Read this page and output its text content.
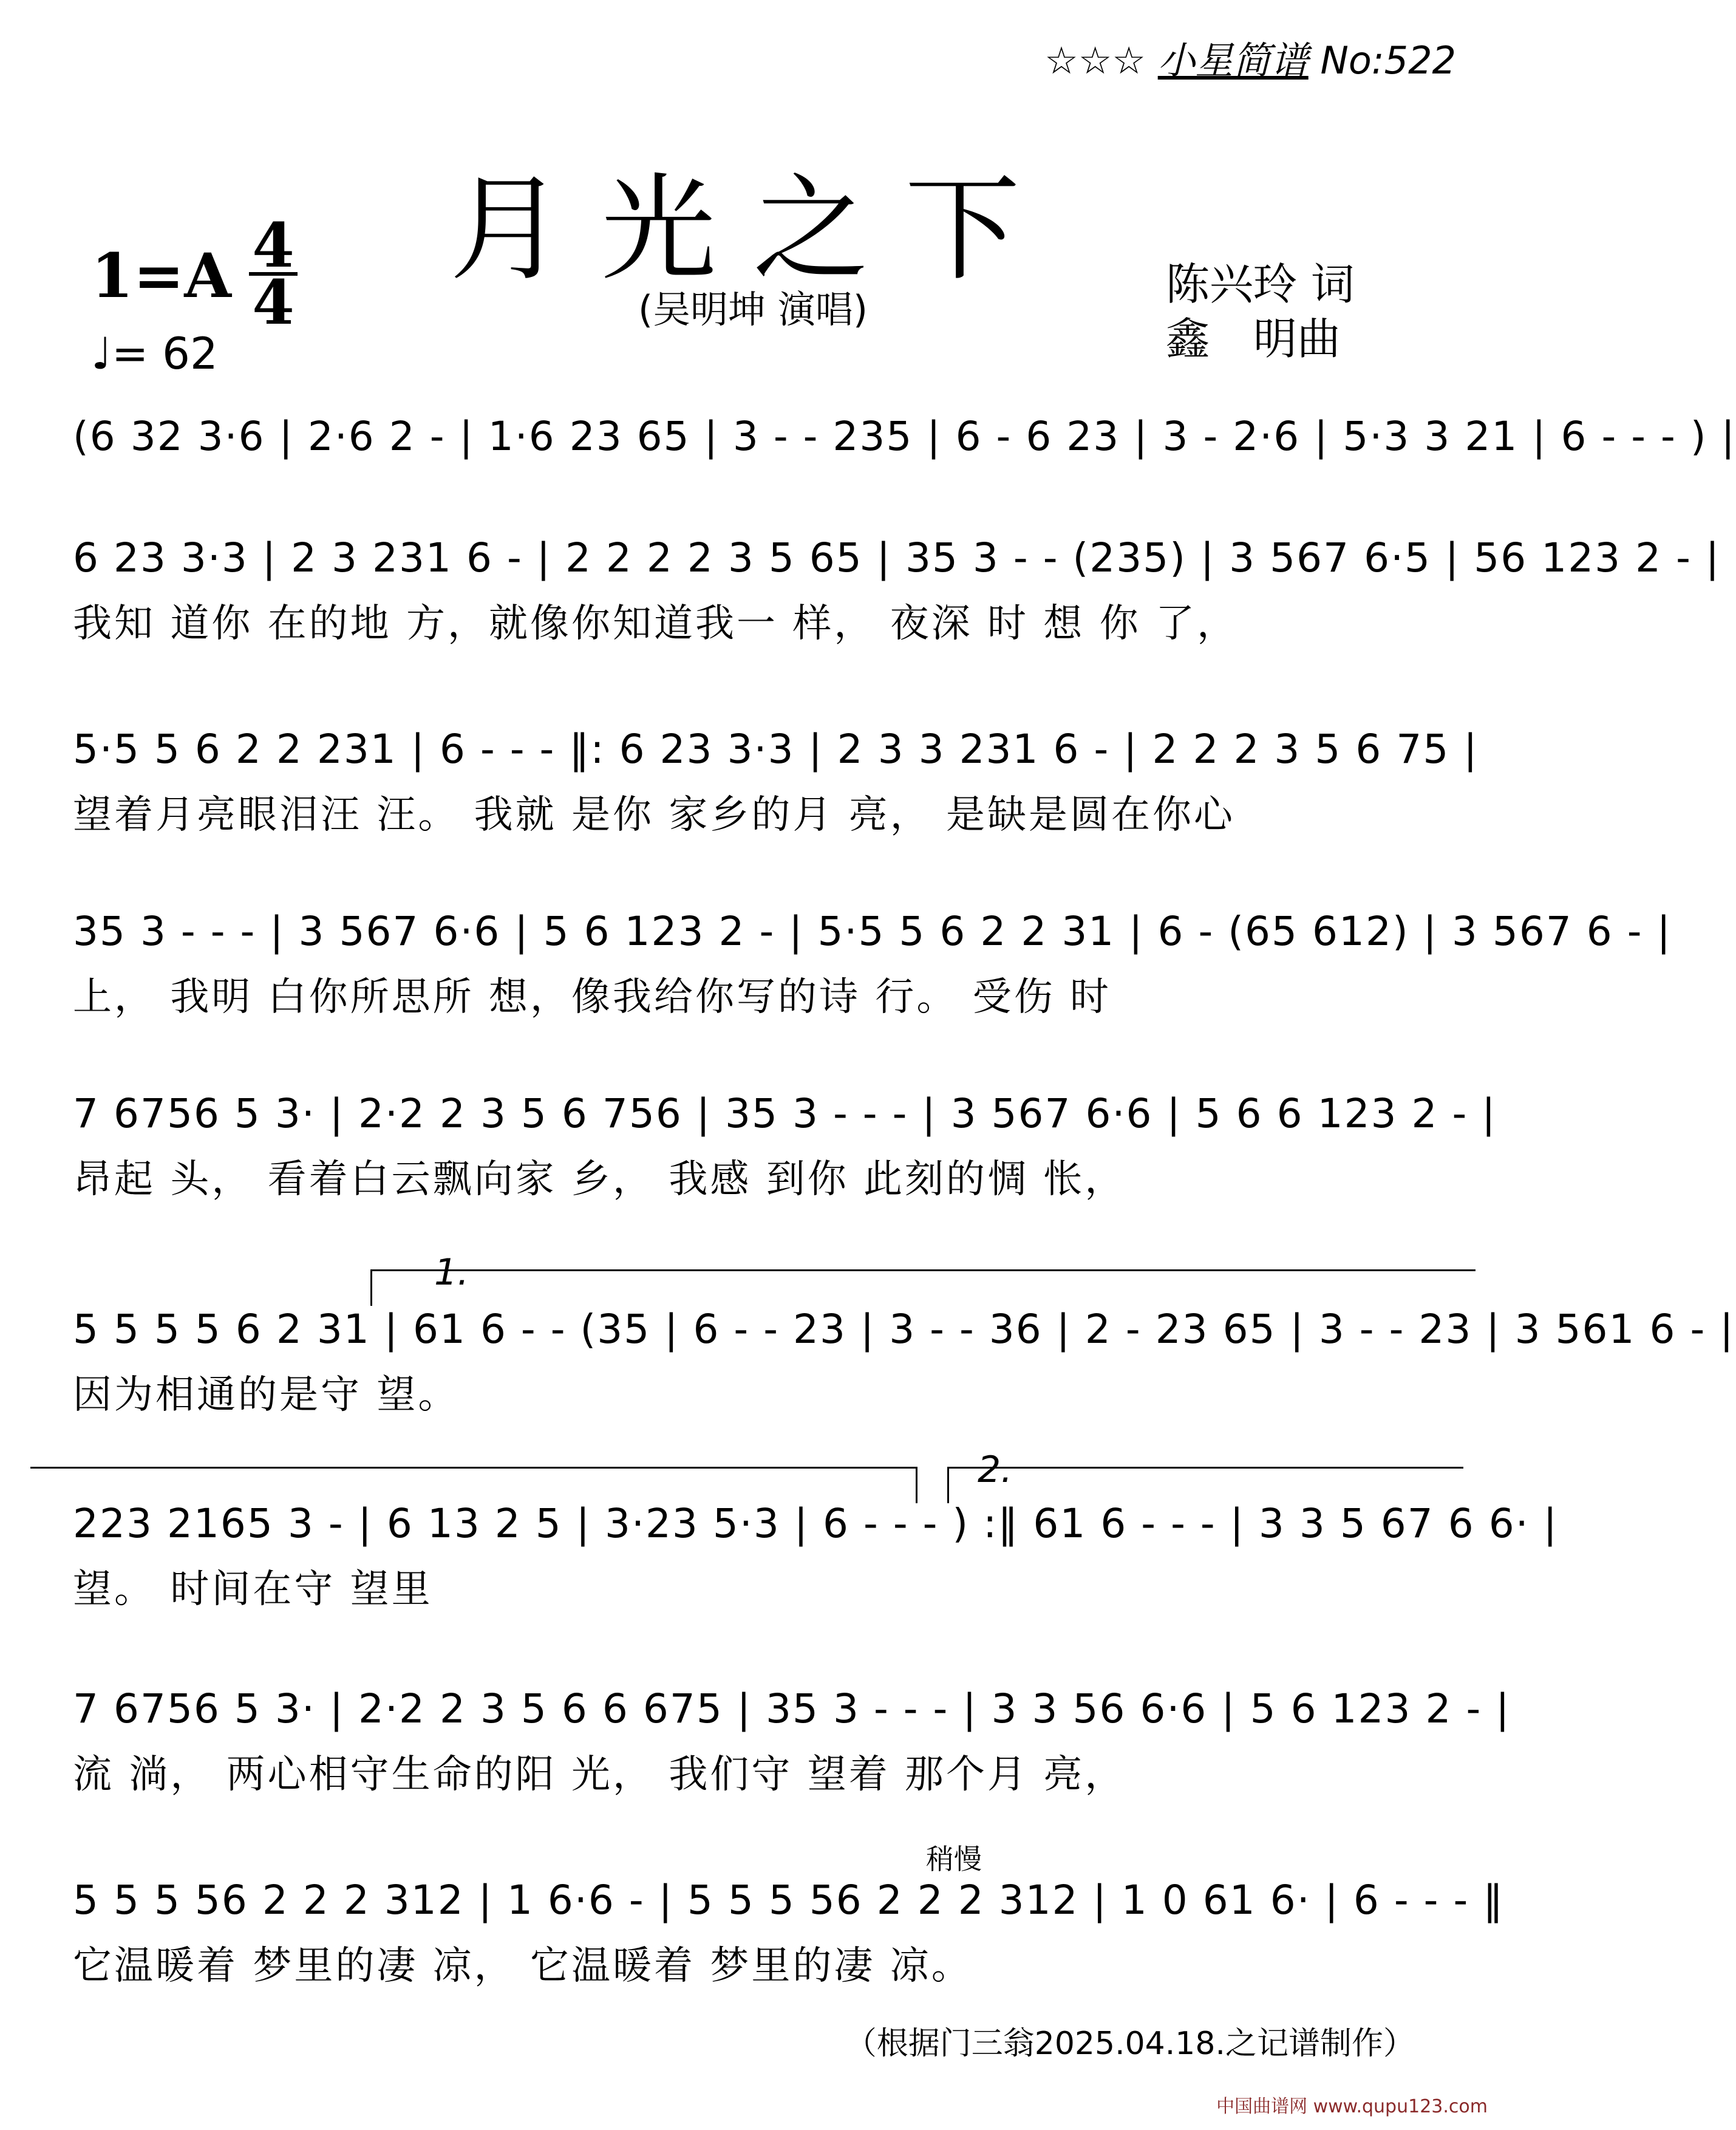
☆☆☆ 小星简谱 No:522
月光之下
(吴明坤 演唱)
1=A 4
4
♩= 62
陈兴玲 词
鑫　明曲
(6 32 3·6 | 2·6 2 - | 1·6 23 65 | 3 - - 235 | 6 - 6 23 | 3 - 2·6 | 5·3 3 21 | 6 - - - ) |
6 23 3·3 | 2 3 231 6 - | 2 2 2 2 3 5 65 | 35 3 - - (235) | 3 567 6·5 | 56 123 2 - |
我知 道你 在的地 方，就像你知道我一 样， 夜深 时 想 你 了，
5·5 5 6 2 2 231 | 6 - - - ‖: 6 23 3·3 | 2 3 3 231 6 - | 2 2 2 3 5 6 75 |
望着月亮眼泪汪 汪。 我就 是你 家乡的月 亮， 是缺是圆在你心
35 3 - - - | 3 567 6·6 | 5 6 123 2 - | 5·5 5 6 2 2 31 | 6 - (65 612) | 3 567 6 - |
上， 我明 白你所思所 想，像我给你写的诗 行。 受伤 时
7 6756 5 3· | 2·2 2 3 5 6 756 | 35 3 - - - | 3 567 6·6 | 5 6 6 123 2 - |
昂起 头， 看着白云飘向家 乡， 我感 到你 此刻的惆 怅，
1.
5 5 5 5 6 2 31 | 61 6 - - (35 | 6 - - 23 | 3 - - 36 | 2 - 23 65 | 3 - - 23 | 3 561 6 - |
因为相通的是守 望。
2.
223 2165 3 - | 6 13 2 5 | 3·23 5·3 | 6 - - - ) :‖ 61 6 - - - | 3 3 5 67 6 6· |
望。 时间在守 望里
7 6756 5 3· | 2·2 2 3 5 6 6 675 | 35 3 - - - | 3 3 56 6·6 | 5 6 123 2 - |
流 淌， 两心相守生命的阳 光， 我们守 望着 那个月 亮，
稍慢
5 5 5 56 2 2 2 312 | 1 6·6 - | 5 5 5 56 2 2 2 312 | 1 0 61 6· | 6 - - - ‖
它温暖着 梦里的凄 凉， 它温暖着 梦里的凄 凉。
（根据门三翁2025.04.18.之记谱制作）
中国曲谱网 www.qupu123.com
